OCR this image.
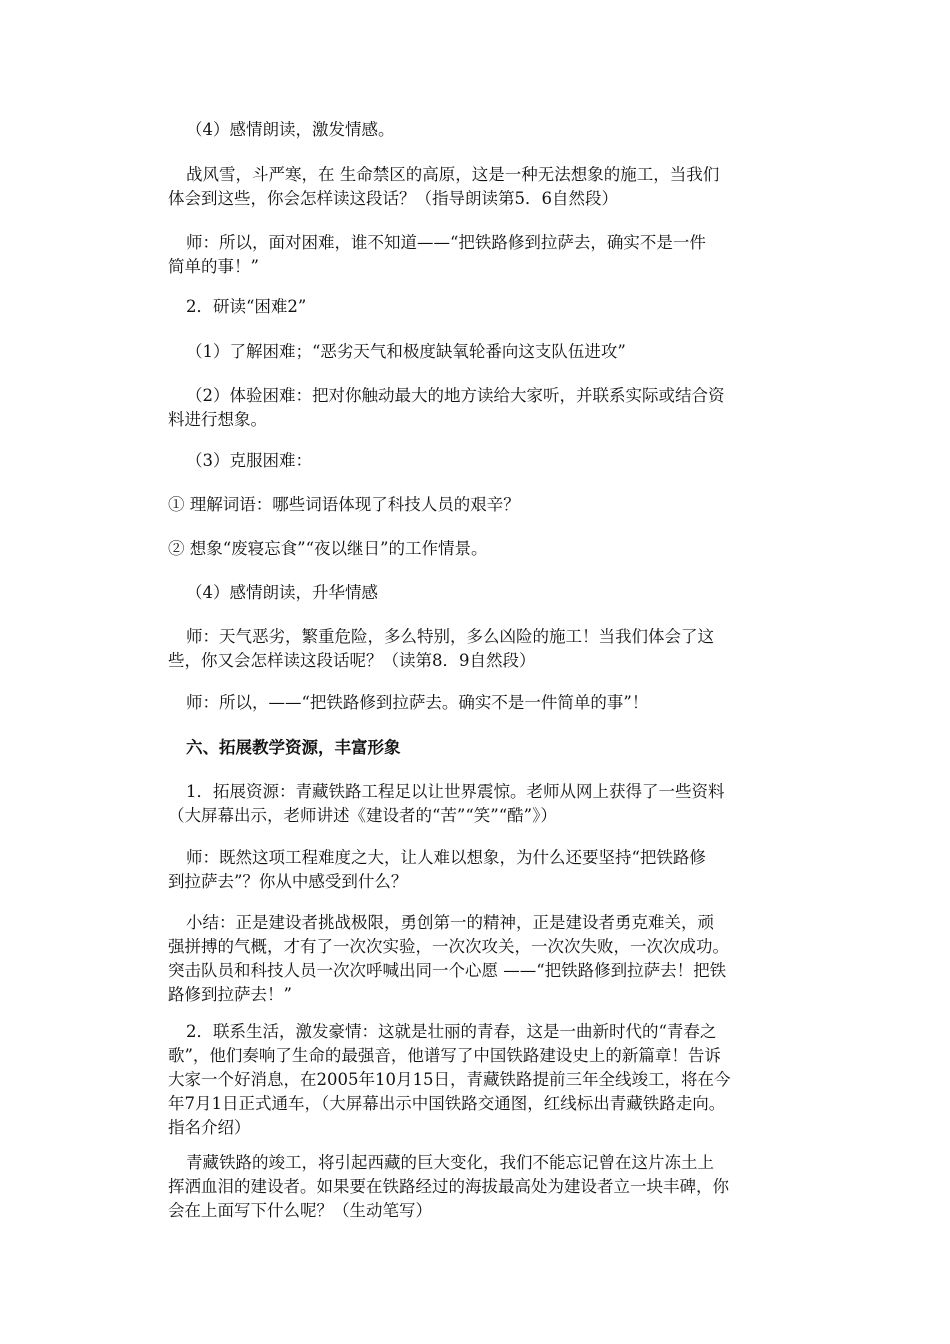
（4）感情朗读，激发情感。
战风雪，斗严寒，在 生命禁区的高原，这是一种无法想象的施工，当我们
体会到这些，你会怎样读这段话？（指导朗读第5．6自然段）
师：所以，面对困难，谁不知道——“把铁路修到拉萨去，确实不是一件
简单的事！”
2．研读“困难2”
（1）了解困难；“恶劣天气和极度缺氧轮番向这支队伍进攻”
（2）体验困难：把对你触动最大的地方读给大家听，并联系实际或结合资
料进行想象。
（3）克服困难：
① 理解词语：哪些词语体现了科技人员的艰辛？
② 想象“废寝忘食”“夜以继日”的工作情景。
（4）感情朗读，升华情感
师：天气恶劣，繁重危险，多么特别，多么凶险的施工！当我们体会了这
些，你又会怎样读这段话呢？（读第8．9自然段）
师：所以，——“把铁路修到拉萨去。确实不是一件简单的事”！
六、拓展教学资源，丰富形象
1．拓展资源：青藏铁路工程足以让世界震惊。老师从网上获得了一些资料
（大屏幕出示，老师讲述《建设者的“苦”“笑”“酷”》）
师：既然这项工程难度之大，让人难以想象，为什么还要坚持“把铁路修
到拉萨去”？你从中感受到什么？
小结：正是建设者挑战极限，勇创第一的精神，正是建设者勇克难关，顽
强拼搏的气概，才有了一次次实验，一次次攻关，一次次失败，一次次成功。
突击队员和科技人员一次次呼喊出同一个心愿 ——“把铁路修到拉萨去！把铁
路修到拉萨去！”
2．联系生活，激发豪情：这就是壮丽的青春，这是一曲新时代的“青春之
歌”，他们奏响了生命的最强音，他谱写了中国铁路建设史上的新篇章！告诉
大家一个好消息，在2005年10月15日，青藏铁路提前三年全线竣工，将在今
年7月1日正式通车，（大屏幕出示中国铁路交通图，红线标出青藏铁路走向。
指名介绍）
青藏铁路的竣工，将引起西藏的巨大变化，我们不能忘记曾在这片冻土上
挥洒血泪的建设者。如果要在铁路经过的海拔最高处为建设者立一块丰碑，你
会在上面写下什么呢？（生动笔写）
